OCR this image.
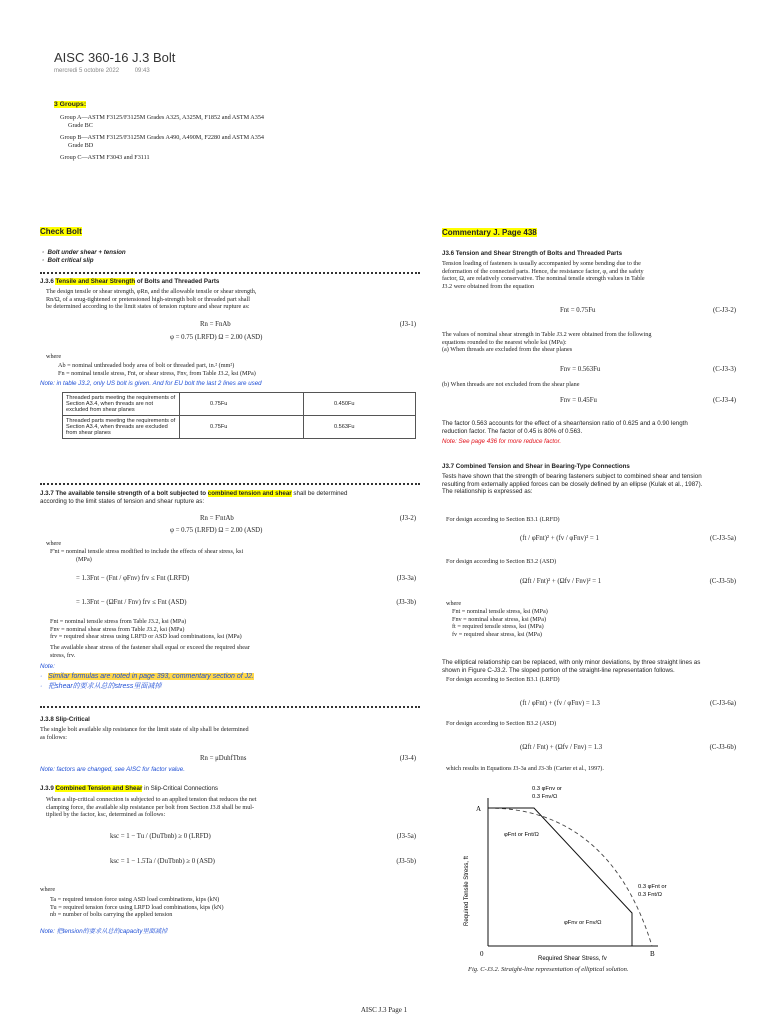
AISC 360-16 J.3 Bolt
mercredi 5 octobre 2022	09:43
3 Groups:
Group A—ASTM F3125/F3125M Grades A325, A325M, F1852 and ASTM A354
Grade BC
Group B—ASTM F3125/F3125M Grades A490, A490M, F2280 and ASTM A354
Grade BD
Group C—ASTM F3043 and F3111
Check Bolt
·  Bolt under shear + tension
·  Bolt critical slip
J.3.6 Tensile and Shear Strength of Bolts and Threaded Parts
The design tensile or shear strength, φRn, and the allowable tensile or shear strength,
Rn/Ω, of a snug-tightened or pretensioned high-strength bolt or threaded part shall
be determined according to the limit states of tension rupture and shear rupture as:
Rn = FnAb	(J3-1)
φ = 0.75 (LRFD) Ω = 2.00 (ASD)
where
Ab = nominal unthreaded body area of bolt or threaded part, in.² (mm²)
Fn = nominal tensile stress, Fnt, or shear stress, Fnv, from Table J3.2, ksi (MPa)
Note: in table J3.2, only US bolt is given. And for EU bolt the last 2 lines are used
Threaded parts meeting the requirements of Section A3.4, when threads are not excluded from shear planes	0.75Fu	0.450Fu
Threaded parts meeting the requirements of Section A3.4, when threads are excluded from shear planes	0.75Fu	0.563Fu
J.3.7 The available tensile strength of a bolt subjected to combined tension and shear shall be determined
according to the limit states of tension and shear rupture as:
Rn = F'ntAb	(J3-2)
φ = 0.75 (LRFD) Ω = 2.00 (ASD)
where
F'nt = nominal tensile stress modified to include the effects of shear stress, ksi
(MPa)
= 1.3Fnt − (Fnt / φFnv) frv ≤ Fnt (LRFD)	(J3-3a)
= 1.3Fnt − (ΩFnt / Fnv) frv ≤ Fnt (ASD)	(J3-3b)
Fnt = nominal tensile stress from Table J3.2, ksi (MPa)
Fnv = nominal shear stress from Table J3.2, ksi (MPa)
frv = required shear stress using LRFD or ASD load combinations, ksi (MPa)
The available shear stress of the fastener shall equal or exceed the required shear
stress, frv.
Note:
·   Similar formulas are noted in page 393, commentary section of J2.
·   把shear的要求从总的stress里面减掉
J.3.8 Slip-Critical
The single bolt available slip resistance for the limit state of slip shall be determined
as follows:
Rn = μDuhfTbns	(J3-4)
Note: factors are changed, see AISC for factor value.
J.3.9 Combined Tension and Shear in Slip-Critical Connections
When a slip-critical connection is subjected to an applied tension that reduces the net
clamping force, the available slip resistance per bolt from Section J3.8 shall be mul-
tiplied by the factor, ksc, determined as follows:
ksc = 1 − Tu / (DuTbnb) ≥ 0 (LRFD)	(J3-5a)
ksc = 1 − 1.5Ta / (DuTbnb) ≥ 0 (ASD)	(J3-5b)
where
Ta = required tension force using ASD load combinations, kips (kN)
Tu = required tension force using LRFD load combinations, kips (kN)
nb = number of bolts carrying the applied tension
Note: 把tension的要求从总的capacity里面减掉
Commentary J. Page 438
J3.6 Tension and Shear Strength of Bolts and Threaded Parts
Tension loading of fasteners is usually accompanied by some bending due to the
deformation of the connected parts. Hence, the resistance factor, φ, and the safety
factor, Ω, are relatively conservative. The nominal tensile strength values in Table
J3.2 were obtained from the equation
Fnt = 0.75Fu	(C-J3-2)
The values of nominal shear strength in Table J3.2 were obtained from the following
equations rounded to the nearest whole ksi (MPa):
(a) When threads are excluded from the shear planes
Fnv = 0.563Fu	(C-J3-3)
(b) When threads are not excluded from the shear plane
Fnv = 0.45Fu	(C-J3-4)
The factor 0.563 accounts for the effect of a shear/tension ratio of 0.625 and a 0.90 length
reduction factor. The factor of 0.45 is 80% of 0.563.
Note: See page 436 for more reduce factor.
J3.7 Combined Tension and Shear in Bearing-Type Connections
Tests have shown that the strength of bearing fasteners subject to combined shear and tension
resulting from externally applied forces can be closely defined by an ellipse (Kulak et al., 1987).
The relationship is expressed as:
For design according to Section B3.1 (LRFD)
(ft / φFnt)² + (fv / φFnv)² = 1	(C-J3-5a)
For design according to Section B3.2 (ASD)
(Ωft / Fnt)² + (Ωfv / Fnv)² = 1	(C-J3-5b)
where
Fnt = nominal tensile stress, ksi (MPa)
Fnv = nominal shear stress, ksi (MPa)
ft = required tensile stress, ksi (MPa)
fv = required shear stress, ksi (MPa)
The elliptical relationship can be replaced, with only minor deviations, by three straight lines as
shown in Figure C-J3.2. The sloped portion of the straight-line representation follows.
For design according to Section B3.1 (LRFD)
(ft / φFnt) + (fv / φFnv) = 1.3	(C-J3-6a)
For design according to Section B3.2 (ASD)
(Ωft / Fnt) + (Ωfv / Fnv) = 1.3	(C-J3-6b)
which results in Equations J3-3a and J3-3b (Carter et al., 1997).
A
0	B
0.3 φFnv or
0.3 Fnv/Ω
φFnt or Fnt/Ω
0.3 φFnt or
0.3 Fnt/Ω
φFnv or Fnv/Ω
Required Tensile Stress, ft
Required Shear Stress, fv
Fig. C-J3.2. Straight-line representation of elliptical solution.
AISC J.3 Page 1
